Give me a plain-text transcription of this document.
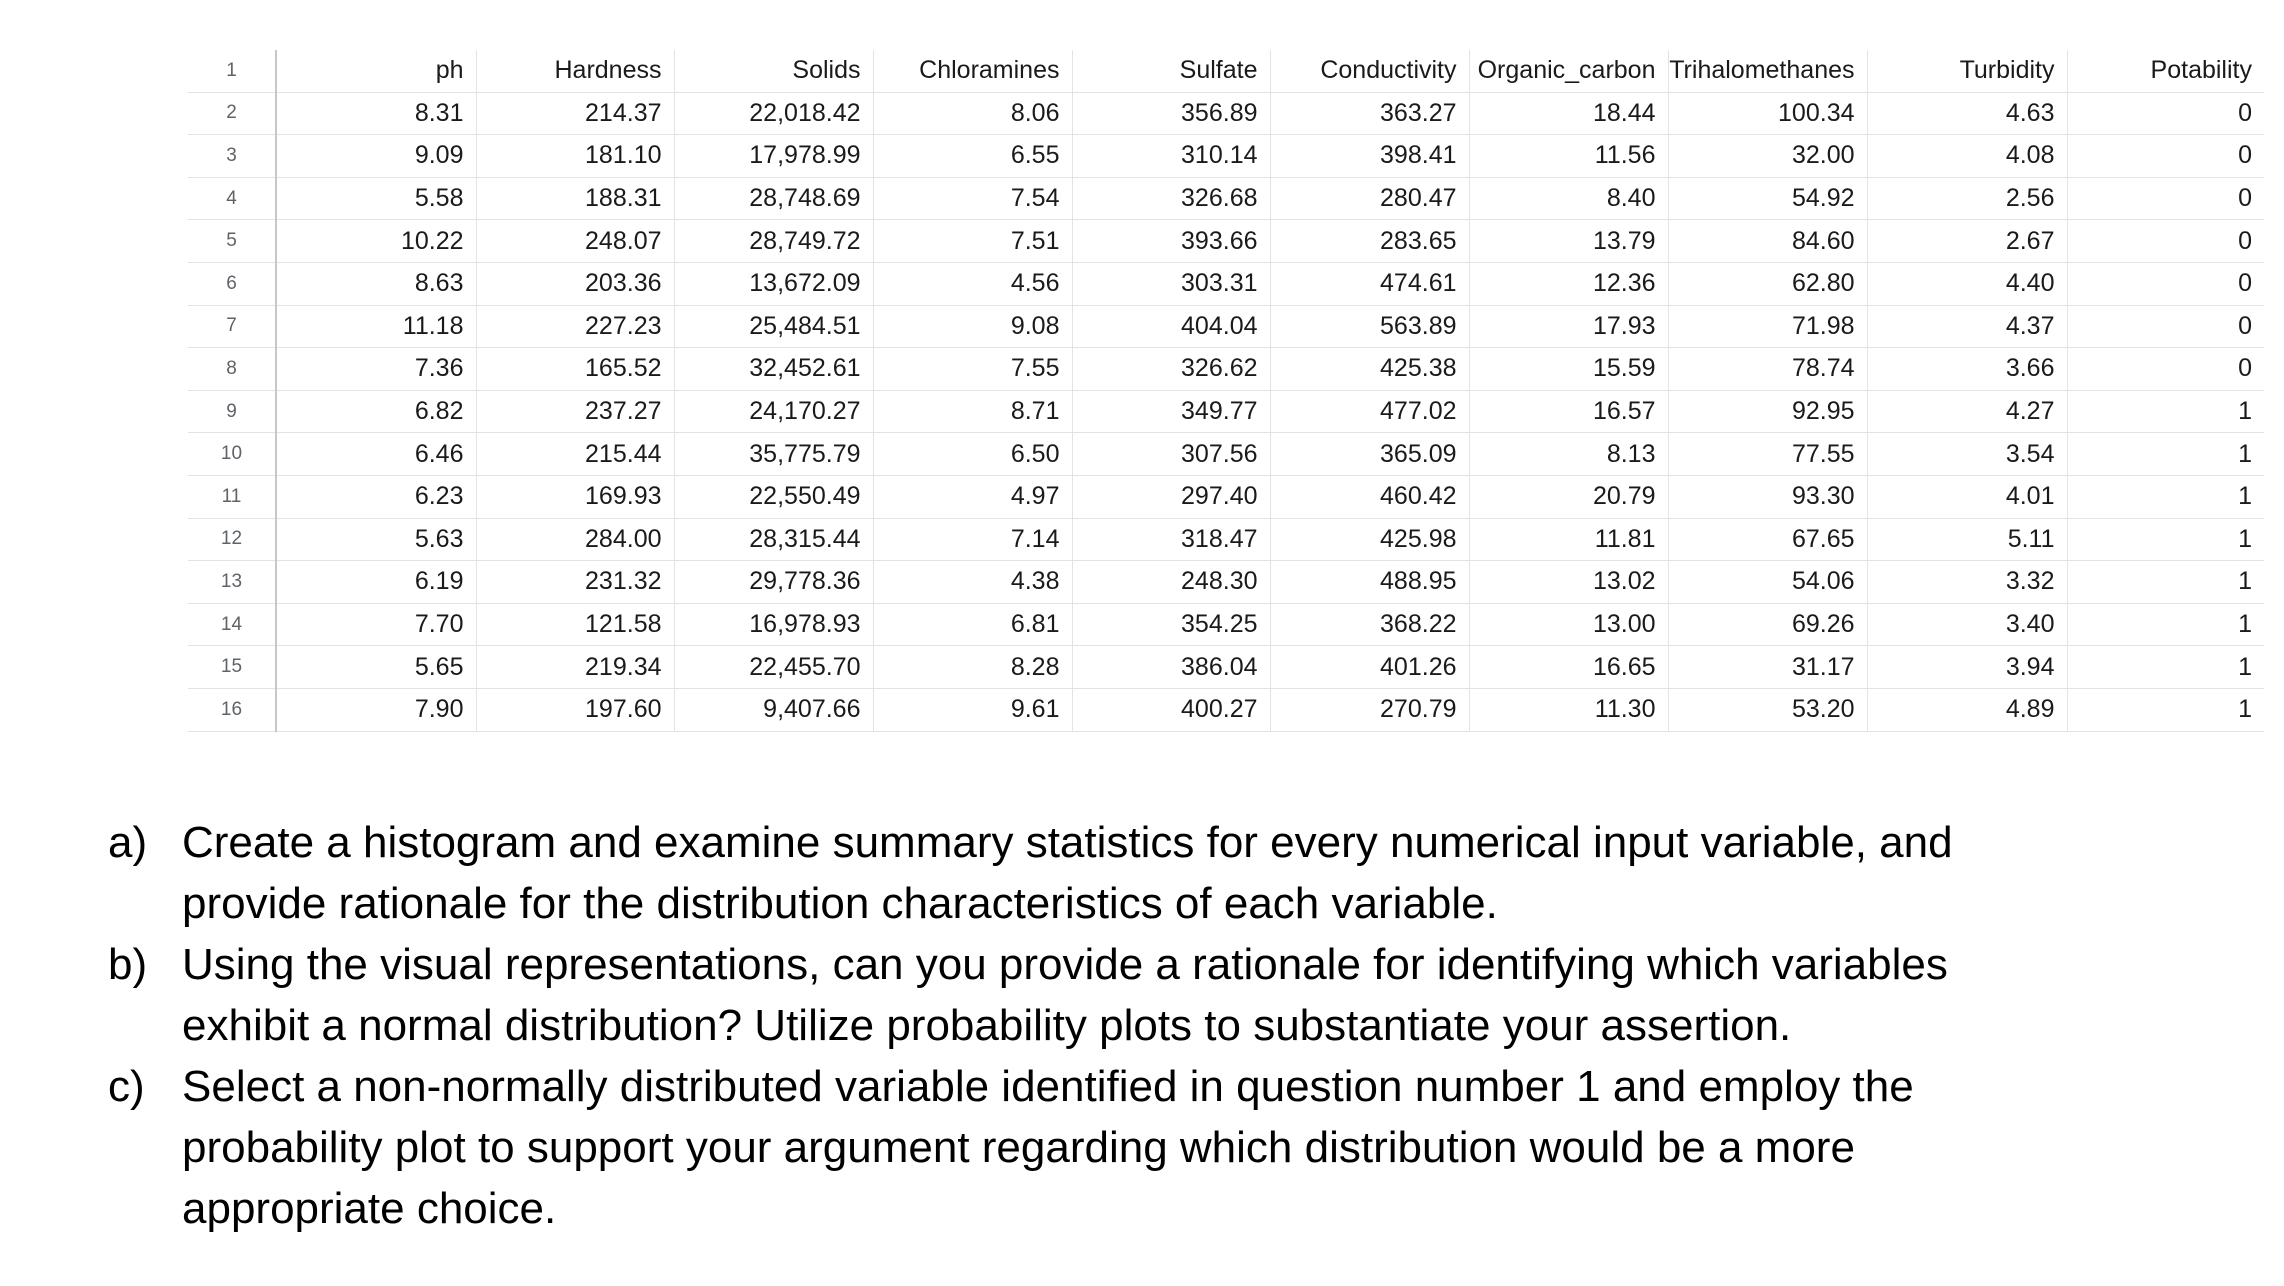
1	ph	Hardness	Solids	Chloramines	Sulfate	Conductivity	Organic_carbon	Trihalomethanes	Turbidity	Potability
2	8.31	214.37	22,018.42	8.06	356.89	363.27	18.44	100.34	4.63	0
3	9.09	181.10	17,978.99	6.55	310.14	398.41	11.56	32.00	4.08	0
4	5.58	188.31	28,748.69	7.54	326.68	280.47	8.40	54.92	2.56	0
5	10.22	248.07	28,749.72	7.51	393.66	283.65	13.79	84.60	2.67	0
6	8.63	203.36	13,672.09	4.56	303.31	474.61	12.36	62.80	4.40	0
7	11.18	227.23	25,484.51	9.08	404.04	563.89	17.93	71.98	4.37	0
8	7.36	165.52	32,452.61	7.55	326.62	425.38	15.59	78.74	3.66	0
9	6.82	237.27	24,170.27	8.71	349.77	477.02	16.57	92.95	4.27	1
10	6.46	215.44	35,775.79	6.50	307.56	365.09	8.13	77.55	3.54	1
11	6.23	169.93	22,550.49	4.97	297.40	460.42	20.79	93.30	4.01	1
12	5.63	284.00	28,315.44	7.14	318.47	425.98	11.81	67.65	5.11	1
13	6.19	231.32	29,778.36	4.38	248.30	488.95	13.02	54.06	3.32	1
14	7.70	121.58	16,978.93	6.81	354.25	368.22	13.00	69.26	3.40	1
15	5.65	219.34	22,455.70	8.28	386.04	401.26	16.65	31.17	3.94	1
16	7.90	197.60	9,407.66	9.61	400.27	270.79	11.30	53.20	4.89	1
a) Create a histogram and examine summary statistics for every numerical input variable, and provide rationale for the distribution characteristics of each variable.
b) Using the visual representations, can you provide a rationale for identifying which variables exhibit a normal distribution? Utilize probability plots to substantiate your assertion.
c) Select a non-normally distributed variable identified in question number 1 and employ the probability plot to support your argument regarding which distribution would be a more appropriate choice.
